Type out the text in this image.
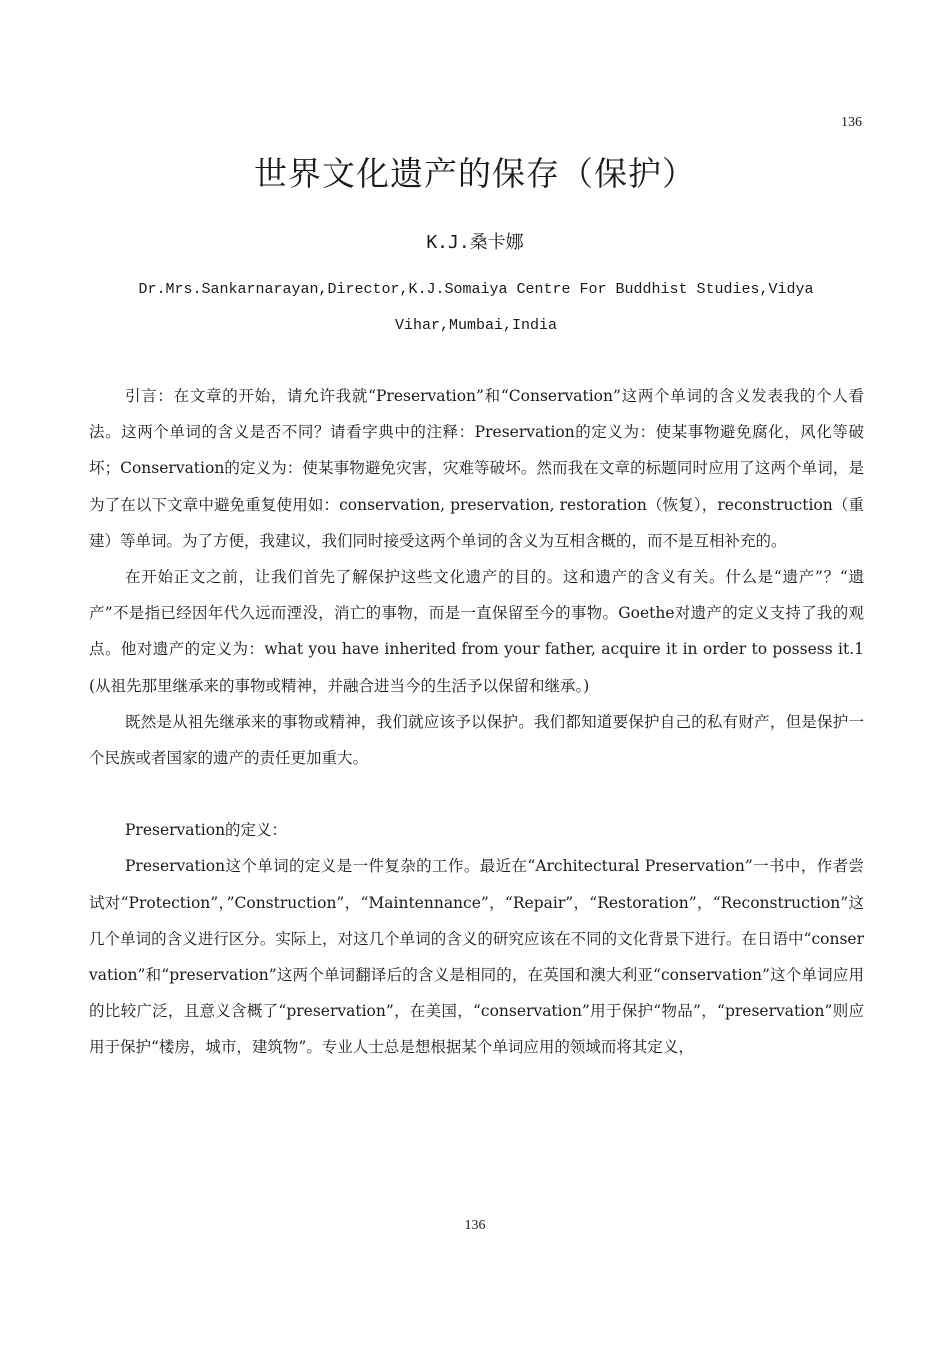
136
世界文化遗产的保存（保护）
K.J.桑卡娜
Dr.Mrs.Sankarnarayan,Director,K.J.Somaiya Centre For Buddhist Studies,Vidya
Vihar,Mumbai,India

引言：在文章的开始，请允许我就“Preservation”和“Conservation”这两个单词的含义发表我的个人看法。这两个单词的含义是否不同？请看字典中的注释：Preservation的定义为：使某事物避免腐化，风化等破坏；Conservation的定义为：使某事物避免灾害，灾难等破坏。然而我在文章的标题同时应用了这两个单词，是为了在以下文章中避免重复使用如：conservation, preservation, restoration（恢复），reconstruction（重建）等单词。为了方便，我建议，我们同时接受这两个单词的含义为互相含概的，而不是互相补充的。

在开始正文之前，让我们首先了解保护这些文化遗产的目的。这和遗产的含义有关。什么是“遗产”？“遗产”不是指已经因年代久远而湮没，消亡的事物，而是一直保留至今的事物。Goethe对遗产的定义支持了我的观点。他对遗产的定义为：what you have inherited from your father, acquire it in order to possess it.1(从祖先那里继承来的事物或精神，并融合进当今的生活予以保留和继承。)

既然是从祖先继承来的事物或精神，我们就应该予以保护。我们都知道要保护自己的私有财产，但是保护一个民族或者国家的遗产的责任更加重大。

Preservation的定义：

Preservation这个单词的定义是一件复杂的工作。最近在“Architectural Preservation”一书中，作者尝试对“Protection”，”Construction”，“Maintennance”，“Repair”，“Restoration”，“Reconstruction”这几个单词的含义进行区分。实际上，对这几个单词的含义的研究应该在不同的文化背景下进行。在日语中“conservation”和“preservation”这两个单词翻译后的含义是相同的，在英国和澳大利亚“conservation”这个单词应用的比较广泛，且意义含概了“preservation”，在美国，“conservation”用于保护“物品”，“preservation”则应用于保护“楼房，城市，建筑物”。专业人士总是想根据某个单词应用的领域而将其定义，

136
